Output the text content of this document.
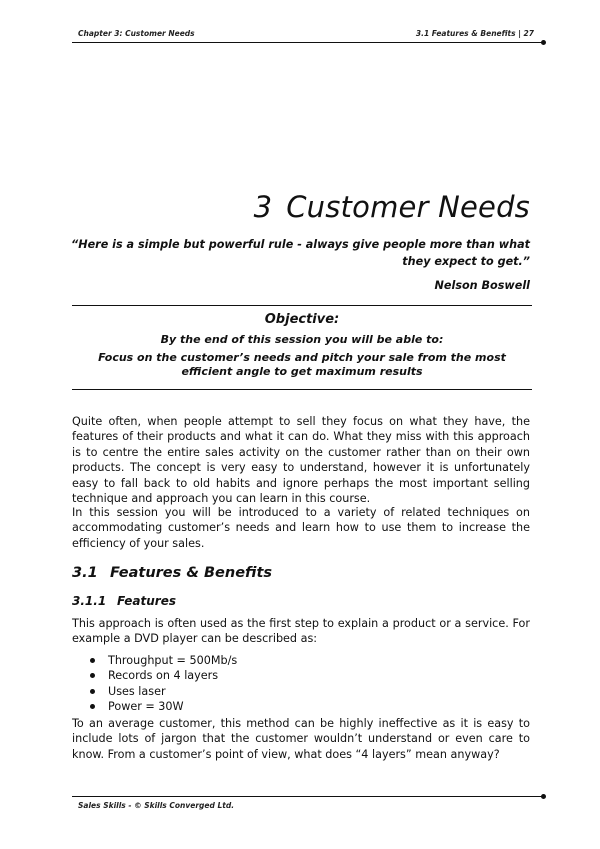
Chapter 3: Customer Needs	3.1 Features & Benefits | 27
3 Customer Needs
“Here is a simple but powerful rule - always give people more than what they expect to get.”
Nelson Boswell
Objective:
By the end of this session you will be able to:
Focus on the customer’s needs and pitch your sale from the most efficient angle to get maximum results
Quite often, when people attempt to sell they focus on what they have, the features of their products and what it can do. What they miss with this approach is to centre the entire sales activity on the customer rather than on their own products. The concept is very easy to understand, however it is unfortunately easy to fall back to old habits and ignore perhaps the most important selling technique and approach you can learn in this course.
In this session you will be introduced to a variety of related techniques on accommodating customer’s needs and learn how to use them to increase the efficiency of your sales.
3.1 Features & Benefits
3.1.1 Features
This approach is often used as the first step to explain a product or a service. For example a DVD player can be described as:
Throughput = 500Mb/s
Records on 4 layers
Uses laser
Power = 30W
To an average customer, this method can be highly ineffective as it is easy to include lots of jargon that the customer wouldn’t understand or even care to know. From a customer’s point of view, what does “4 layers” mean anyway?
Sales Skills - © Skills Converged Ltd.
